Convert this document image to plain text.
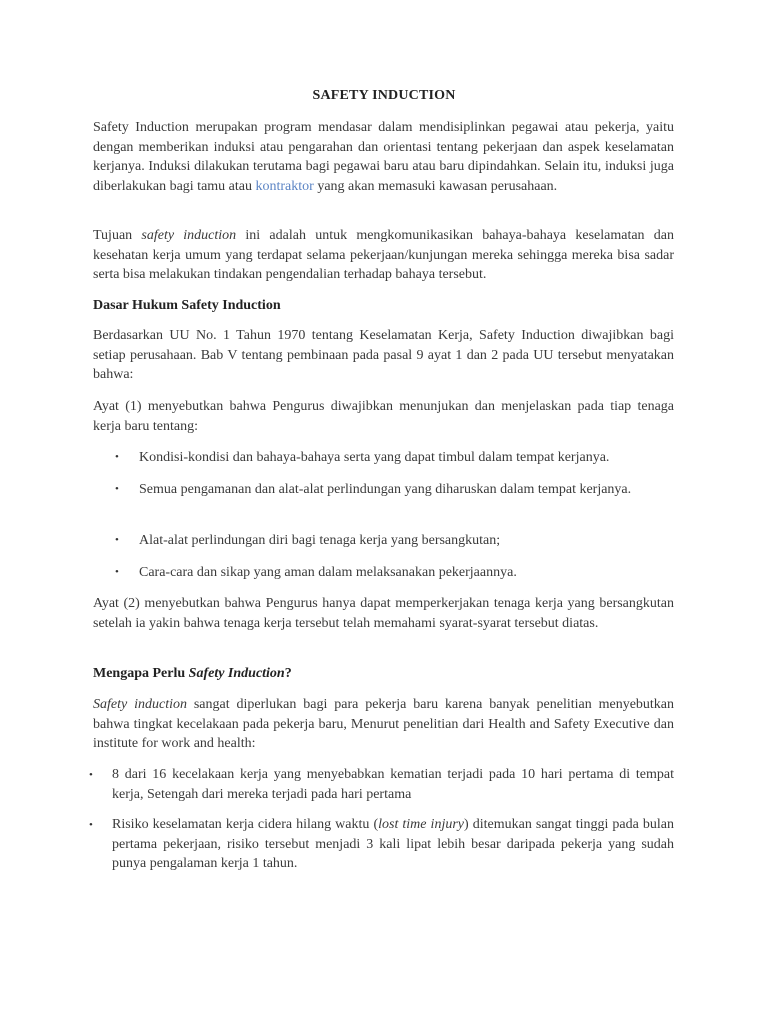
SAFETY INDUCTION
Safety Induction merupakan program mendasar dalam mendisiplinkan pegawai atau pekerja, yaitu dengan memberikan induksi atau pengarahan dan orientasi tentang pekerjaan dan aspek keselamatan kerjanya. Induksi dilakukan terutama bagi pegawai baru atau baru dipindahkan. Selain itu, induksi juga diberlakukan bagi tamu atau kontraktor yang akan memasuki kawasan perusahaan.
Tujuan safety induction ini adalah untuk mengkomunikasikan bahaya-bahaya keselamatan dan kesehatan kerja umum yang terdapat selama pekerjaan/kunjungan mereka sehingga mereka bisa sadar serta bisa melakukan tindakan pengendalian terhadap bahaya tersebut.
Dasar Hukum Safety Induction
Berdasarkan UU No. 1 Tahun 1970 tentang Keselamatan Kerja, Safety Induction diwajibkan bagi setiap perusahaan. Bab V tentang pembinaan pada pasal 9 ayat 1 dan 2 pada UU tersebut menyatakan bahwa:
Ayat (1) menyebutkan bahwa Pengurus diwajibkan menunjukan dan menjelaskan pada tiap tenaga kerja baru tentang:
• Kondisi-kondisi dan bahaya-bahaya serta yang dapat timbul dalam tempat kerjanya.
• Semua pengamanan dan alat-alat perlindungan yang diharuskan dalam tempat kerjanya.
• Alat-alat perlindungan diri bagi tenaga kerja yang bersangkutan;
• Cara-cara dan sikap yang aman dalam melaksanakan pekerjaannya.
Ayat (2) menyebutkan bahwa Pengurus hanya dapat memperkerjakan tenaga kerja yang bersangkutan setelah ia yakin bahwa tenaga kerja tersebut telah memahami syarat-syarat tersebut diatas.
Mengapa Perlu Safety Induction?
Safety induction sangat diperlukan bagi para pekerja baru karena banyak penelitian menyebutkan bahwa tingkat kecelakaan pada pekerja baru, Menurut penelitian dari Health and Safety Executive dan institute for work and health:
• 8 dari 16 kecelakaan kerja yang menyebabkan kematian terjadi pada 10 hari pertama di tempat kerja, Setengah dari mereka terjadi pada hari pertama
• Risiko keselamatan kerja cidera hilang waktu (lost time injury) ditemukan sangat tinggi pada bulan pertama pekerjaan, risiko tersebut menjadi 3 kali lipat lebih besar daripada pekerja yang sudah punya pengalaman kerja 1 tahun.
